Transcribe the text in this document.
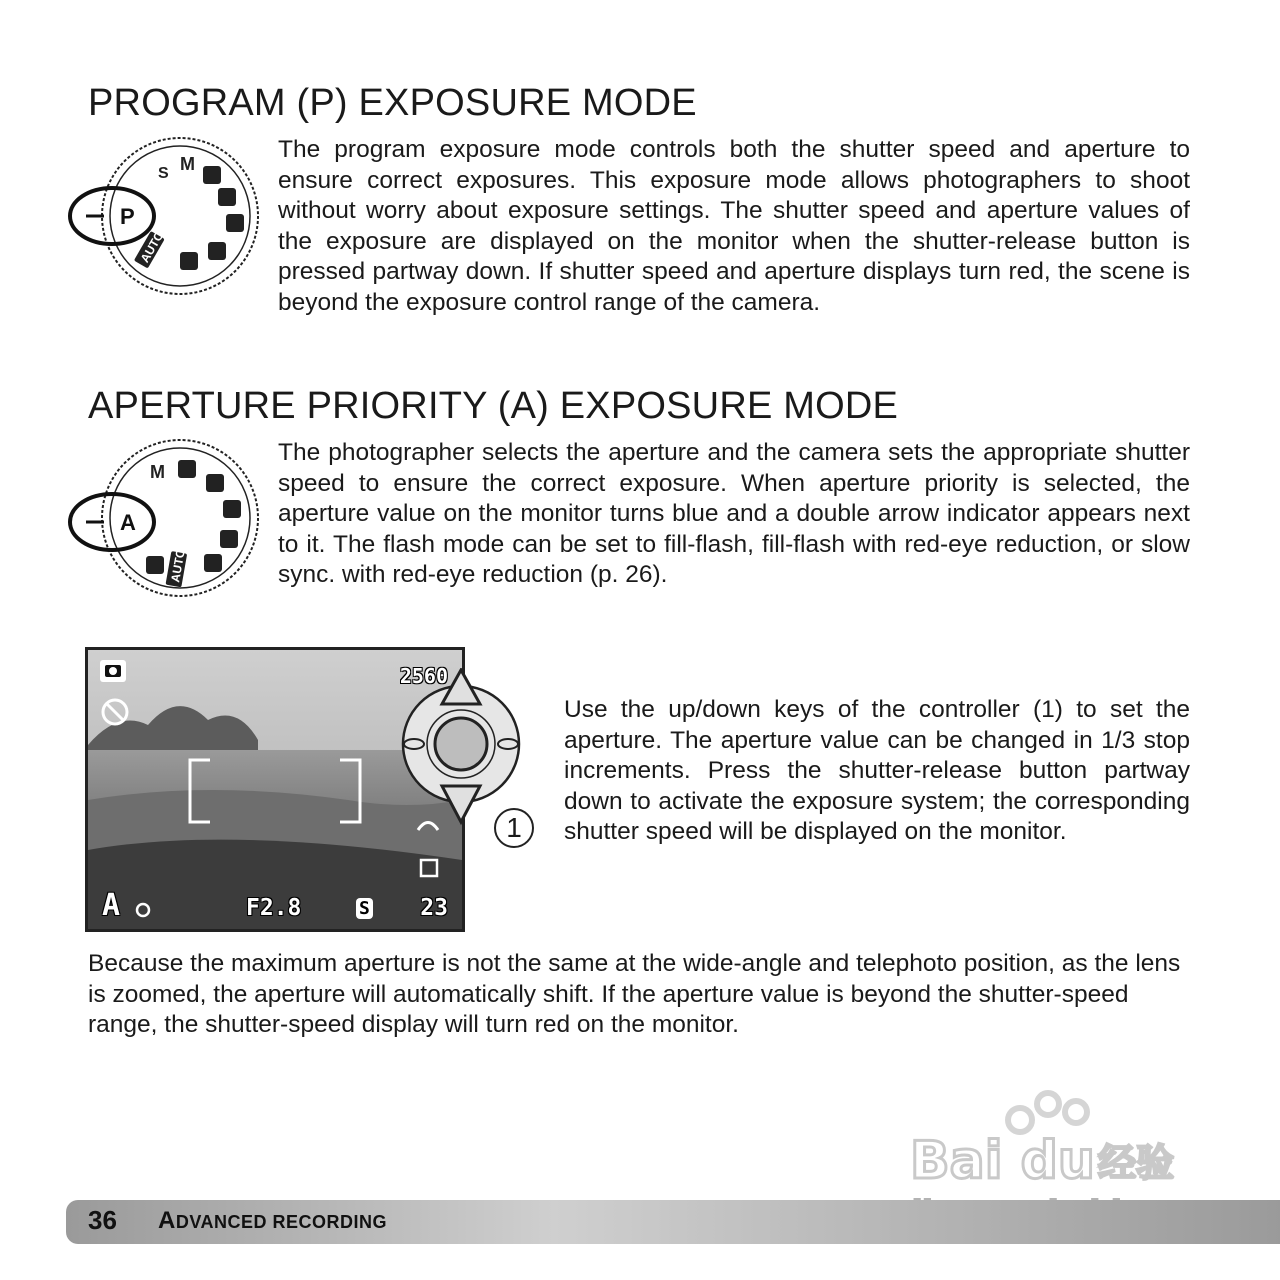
PROGRAM (P) EXPOSURE MODE
S M
AUTO
P

The program exposure mode controls both the shutter speed and aperture to ensure correct exposures. This exposure mode allows photographers to shoot without worry about exposure settings. The shutter speed and aperture values of the exposure are displayed on the monitor when the shutter-release button is pressed partway down. If shutter speed and aperture displays turn red, the scene is beyond the exposure control range of the camera.

APERTURE PRIORITY (A) EXPOSURE MODE
M
AUTO
A

The photographer selects the aperture and the camera sets the appropriate shutter speed to ensure the correct exposure. When aperture priority is selected, the aperture value on the monitor turns blue and a double arrow indicator appears next to it. The flash mode can be set to fill-flash, fill-flash with red-eye reduction, or slow sync. with red-eye reduction (p. 26).

2560
A	F2.8	S 23
1

Use the up/down keys of the controller (1) to set the aperture. The aperture value can be changed in 1/3 stop increments. Press the shutter-release button partway down to activate the exposure system; the corresponding shutter speed will be displayed on the monitor.

Because the maximum aperture is not the same at the wide-angle and telephoto position, as the lens is zoomed, the aperture will automatically shift. If the aperture value is beyond the shutter-speed range, the shutter-speed display will turn red on the monitor.

Bai du 经验
36 ADVANCED RECORDING
